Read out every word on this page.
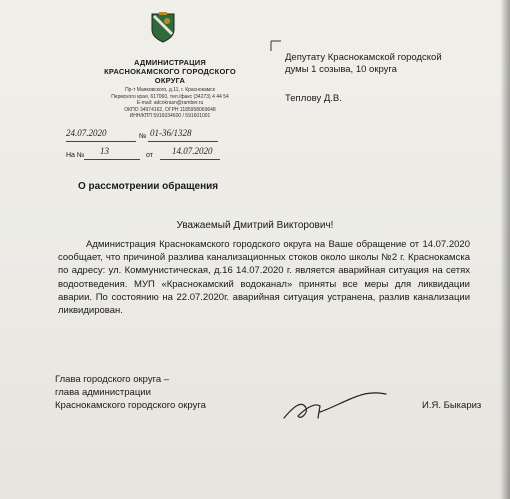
АДМИНИСТРАЦИЯ
КРАСНОКАМСКОГО ГОРОДСКОГО
ОКРУГА
Пр-т Маяковского, д.11, г. Краснокамск
Пермского края, 617060, тел./факс (34273) 4 44 54
E-mail: adcnkrasn@ramber.ru
ОКПО 34974162, ОГРН 1185958069648
ИНН/КПП 5916034600 / 591601001
24.07.2020	№ 01-36/1328
На № 13	от 14.07.2020
Депутату Краснокамской городской
думы 1 созыва, 10 округа
Теплову Д.В.
О рассмотрении обращения
Уважаемый Дмитрий Викторович!
Администрация Краснокамского городского округа на Ваше обращение от 14.07.2020 сообщает, что причиной разлива канализационных стоков около школы №2 г. Краснокамска по адресу: ул. Коммунистическая, д.16 14.07.2020 г. является аварийная ситуация на сетях водоотведения. МУП «Краснокамский водоканал» приняты все меры для ликвидации аварии. По состоянию на 22.07.2020г. аварийная ситуация устранена, разлив канализации ликвидирован.
Глава городского округа –
глава администрации
Краснокамского городского округа	И.Я. Быкариз
